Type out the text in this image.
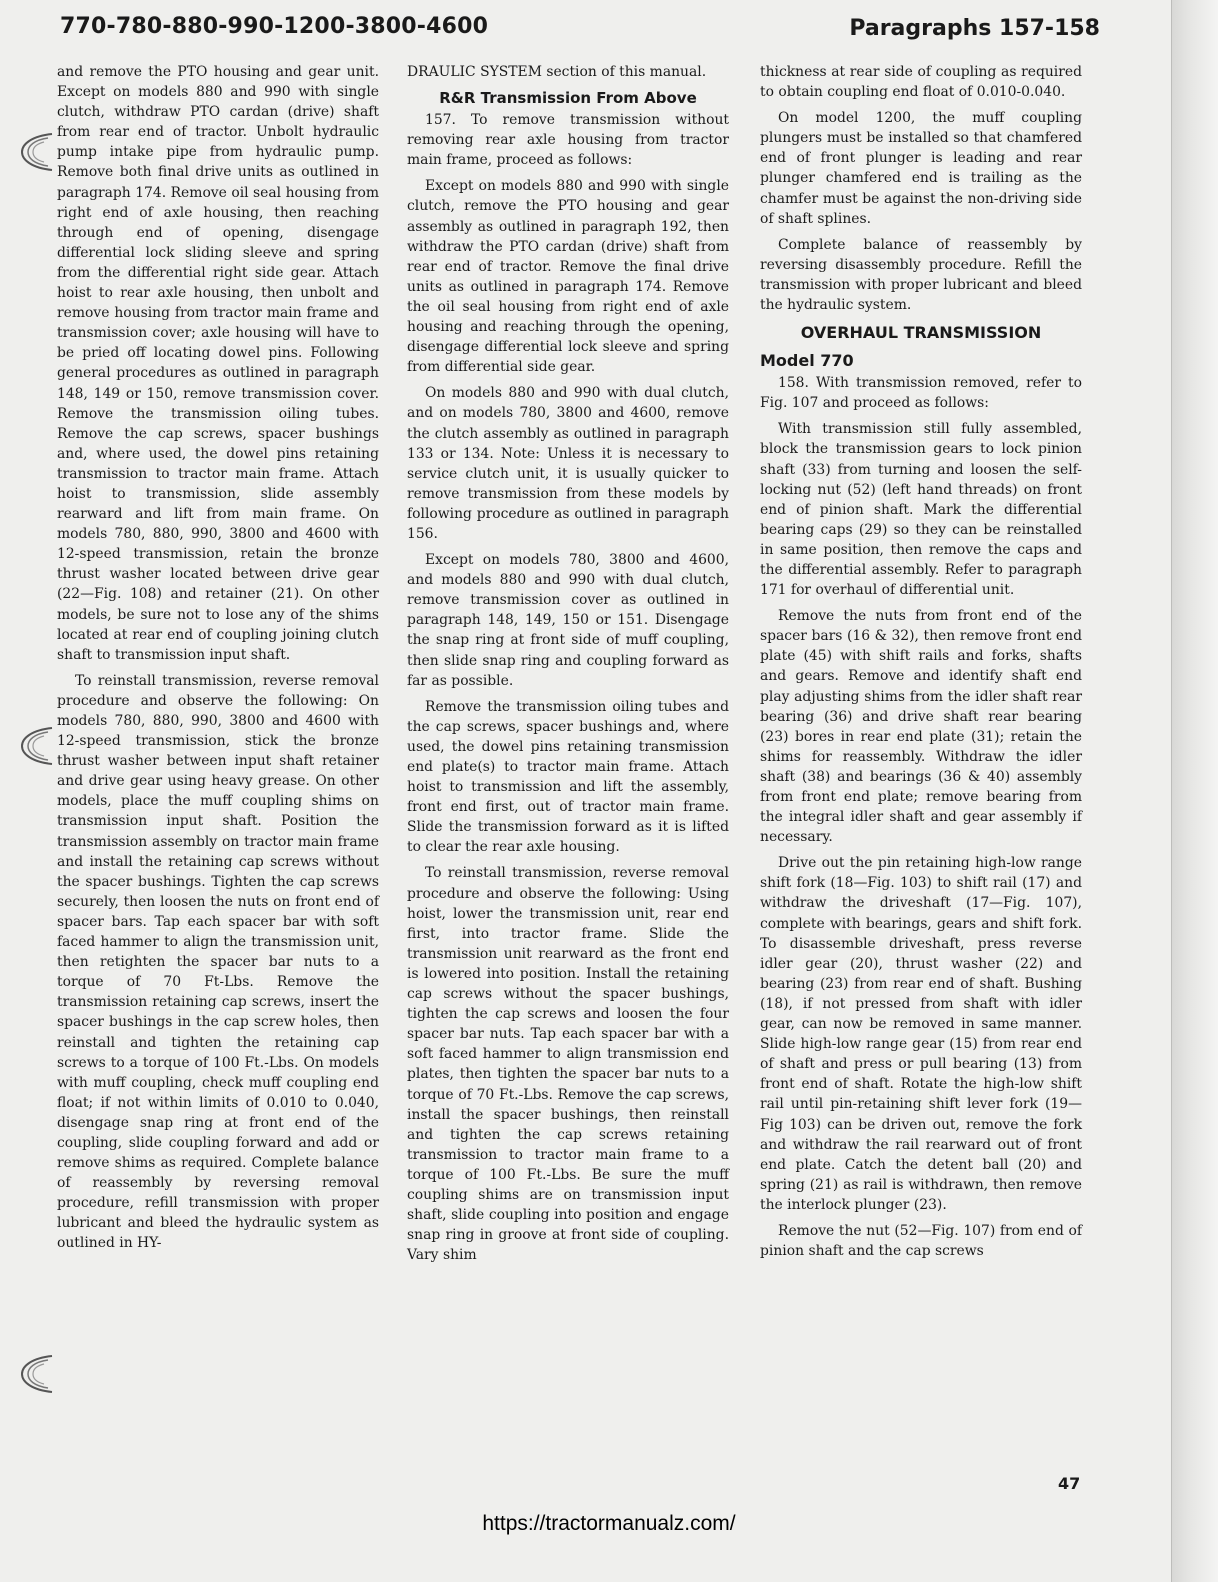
770-780-880-990-1200-3800-4600	Paragraphs 157-158

and remove the PTO housing and gear unit. Except on models 880 and 990 with single clutch, withdraw PTO cardan (drive) shaft from rear end of tractor. Unbolt hydraulic pump intake pipe from hydraulic pump. Remove both final drive units as outlined in paragraph 174. Remove oil seal housing from right end of axle housing, then reaching through end of opening, disengage differential lock sliding sleeve and spring from the differential right side gear. Attach hoist to rear axle housing, then unbolt and remove housing from tractor main frame and transmission cover; axle housing will have to be pried off locating dowel pins. Following general procedures as outlined in paragraph 148, 149 or 150, remove transmission cover. Remove the transmission oiling tubes. Remove the cap screws, spacer bushings and, where used, the dowel pins retaining transmission to tractor main frame. Attach hoist to transmission, slide assembly rearward and lift from main frame. On models 780, 880, 990, 3800 and 4600 with 12-speed transmission, retain the bronze thrust washer located between drive gear (22—Fig. 108) and retainer (21). On other models, be sure not to lose any of the shims located at rear end of coupling joining clutch shaft to transmission input shaft.

To reinstall transmission, reverse removal procedure and observe the following: On models 780, 880, 990, 3800 and 4600 with 12-speed transmission, stick the bronze thrust washer between input shaft retainer and drive gear using heavy grease. On other models, place the muff coupling shims on transmission input shaft. Position the transmission assembly on tractor main frame and install the retaining cap screws without the spacer bushings. Tighten the cap screws securely, then loosen the nuts on front end of spacer bars. Tap each spacer bar with soft faced hammer to align the transmission unit, then retighten the spacer bar nuts to a torque of 70 Ft-Lbs. Remove the transmission retaining cap screws, insert the spacer bushings in the cap screw holes, then reinstall and tighten the retaining cap screws to a torque of 100 Ft.-Lbs. On models with muff coupling, check muff coupling end float; if not within limits of 0.010 to 0.040, disengage snap ring at front end of the coupling, slide coupling forward and add or remove shims as required. Complete balance of reassembly by reversing removal procedure, refill transmission with proper lubricant and bleed the hydraulic system as outlined in HY-

DRAULIC SYSTEM section of this manual.

R&R Transmission From Above

157. To remove transmission without removing rear axle housing from tractor main frame, proceed as follows:

Except on models 880 and 990 with single clutch, remove the PTO housing and gear assembly as outlined in paragraph 192, then withdraw the PTO cardan (drive) shaft from rear end of tractor. Remove the final drive units as outlined in paragraph 174. Remove the oil seal housing from right end of axle housing and reaching through the opening, disengage differential lock sleeve and spring from differential side gear.

On models 880 and 990 with dual clutch, and on models 780, 3800 and 4600, remove the clutch assembly as outlined in paragraph 133 or 134. Note: Unless it is necessary to service clutch unit, it is usually quicker to remove transmission from these models by following procedure as outlined in paragraph 156.

Except on models 780, 3800 and 4600, and models 880 and 990 with dual clutch, remove transmission cover as outlined in paragraph 148, 149, 150 or 151. Disengage the snap ring at front side of muff coupling, then slide snap ring and coupling forward as far as possible.

Remove the transmission oiling tubes and the cap screws, spacer bushings and, where used, the dowel pins retaining transmission end plate(s) to tractor main frame. Attach hoist to transmission and lift the assembly, front end first, out of tractor main frame. Slide the transmission forward as it is lifted to clear the rear axle housing.

To reinstall transmission, reverse removal procedure and observe the following: Using hoist, lower the transmission unit, rear end first, into tractor frame. Slide the transmission unit rearward as the front end is lowered into position. Install the retaining cap screws without the spacer bushings, tighten the cap screws and loosen the four spacer bar nuts. Tap each spacer bar with a soft faced hammer to align transmission end plates, then tighten the spacer bar nuts to a torque of 70 Ft.-Lbs. Remove the cap screws, install the spacer bushings, then reinstall and tighten the cap screws retaining transmission to tractor main frame to a torque of 100 Ft.-Lbs. Be sure the muff coupling shims are on transmission input shaft, slide coupling into position and engage snap ring in groove at front side of coupling. Vary shim

thickness at rear side of coupling as required to obtain coupling end float of 0.010-0.040.

On model 1200, the muff coupling plungers must be installed so that chamfered end of front plunger is leading and rear plunger chamfered end is trailing as the chamfer must be against the non-driving side of shaft splines.

Complete balance of reassembly by reversing disassembly procedure. Refill the transmission with proper lubricant and bleed the hydraulic system.

OVERHAUL TRANSMISSION
Model 770

158. With transmission removed, refer to Fig. 107 and proceed as follows:

With transmission still fully assembled, block the transmission gears to lock pinion shaft (33) from turning and loosen the self-locking nut (52) (left hand threads) on front end of pinion shaft. Mark the differential bearing caps (29) so they can be reinstalled in same position, then remove the caps and the differential assembly. Refer to paragraph 171 for overhaul of differential unit.

Remove the nuts from front end of the spacer bars (16 & 32), then remove front end plate (45) with shift rails and forks, shafts and gears. Remove and identify shaft end play adjusting shims from the idler shaft rear bearing (36) and drive shaft rear bearing (23) bores in rear end plate (31); retain the shims for reassembly. Withdraw the idler shaft (38) and bearings (36 & 40) assembly from front end plate; remove bearing from the integral idler shaft and gear assembly if necessary.

Drive out the pin retaining high-low range shift fork (18—Fig. 103) to shift rail (17) and withdraw the driveshaft (17—Fig. 107), complete with bearings, gears and shift fork. To disassemble driveshaft, press reverse idler gear (20), thrust washer (22) and bearing (23) from rear end of shaft. Bushing (18), if not pressed from shaft with idler gear, can now be removed in same manner. Slide high-low range gear (15) from rear end of shaft and press or pull bearing (13) from front end of shaft. Rotate the high-low shift rail until pin-retaining shift lever fork (19—Fig 103) can be driven out, remove the fork and withdraw the rail rearward out of front end plate. Catch the detent ball (20) and spring (21) as rail is withdrawn, then remove the interlock plunger (23).

Remove the nut (52—Fig. 107) from end of pinion shaft and the cap screws

47
https://tractormanualz.com/
